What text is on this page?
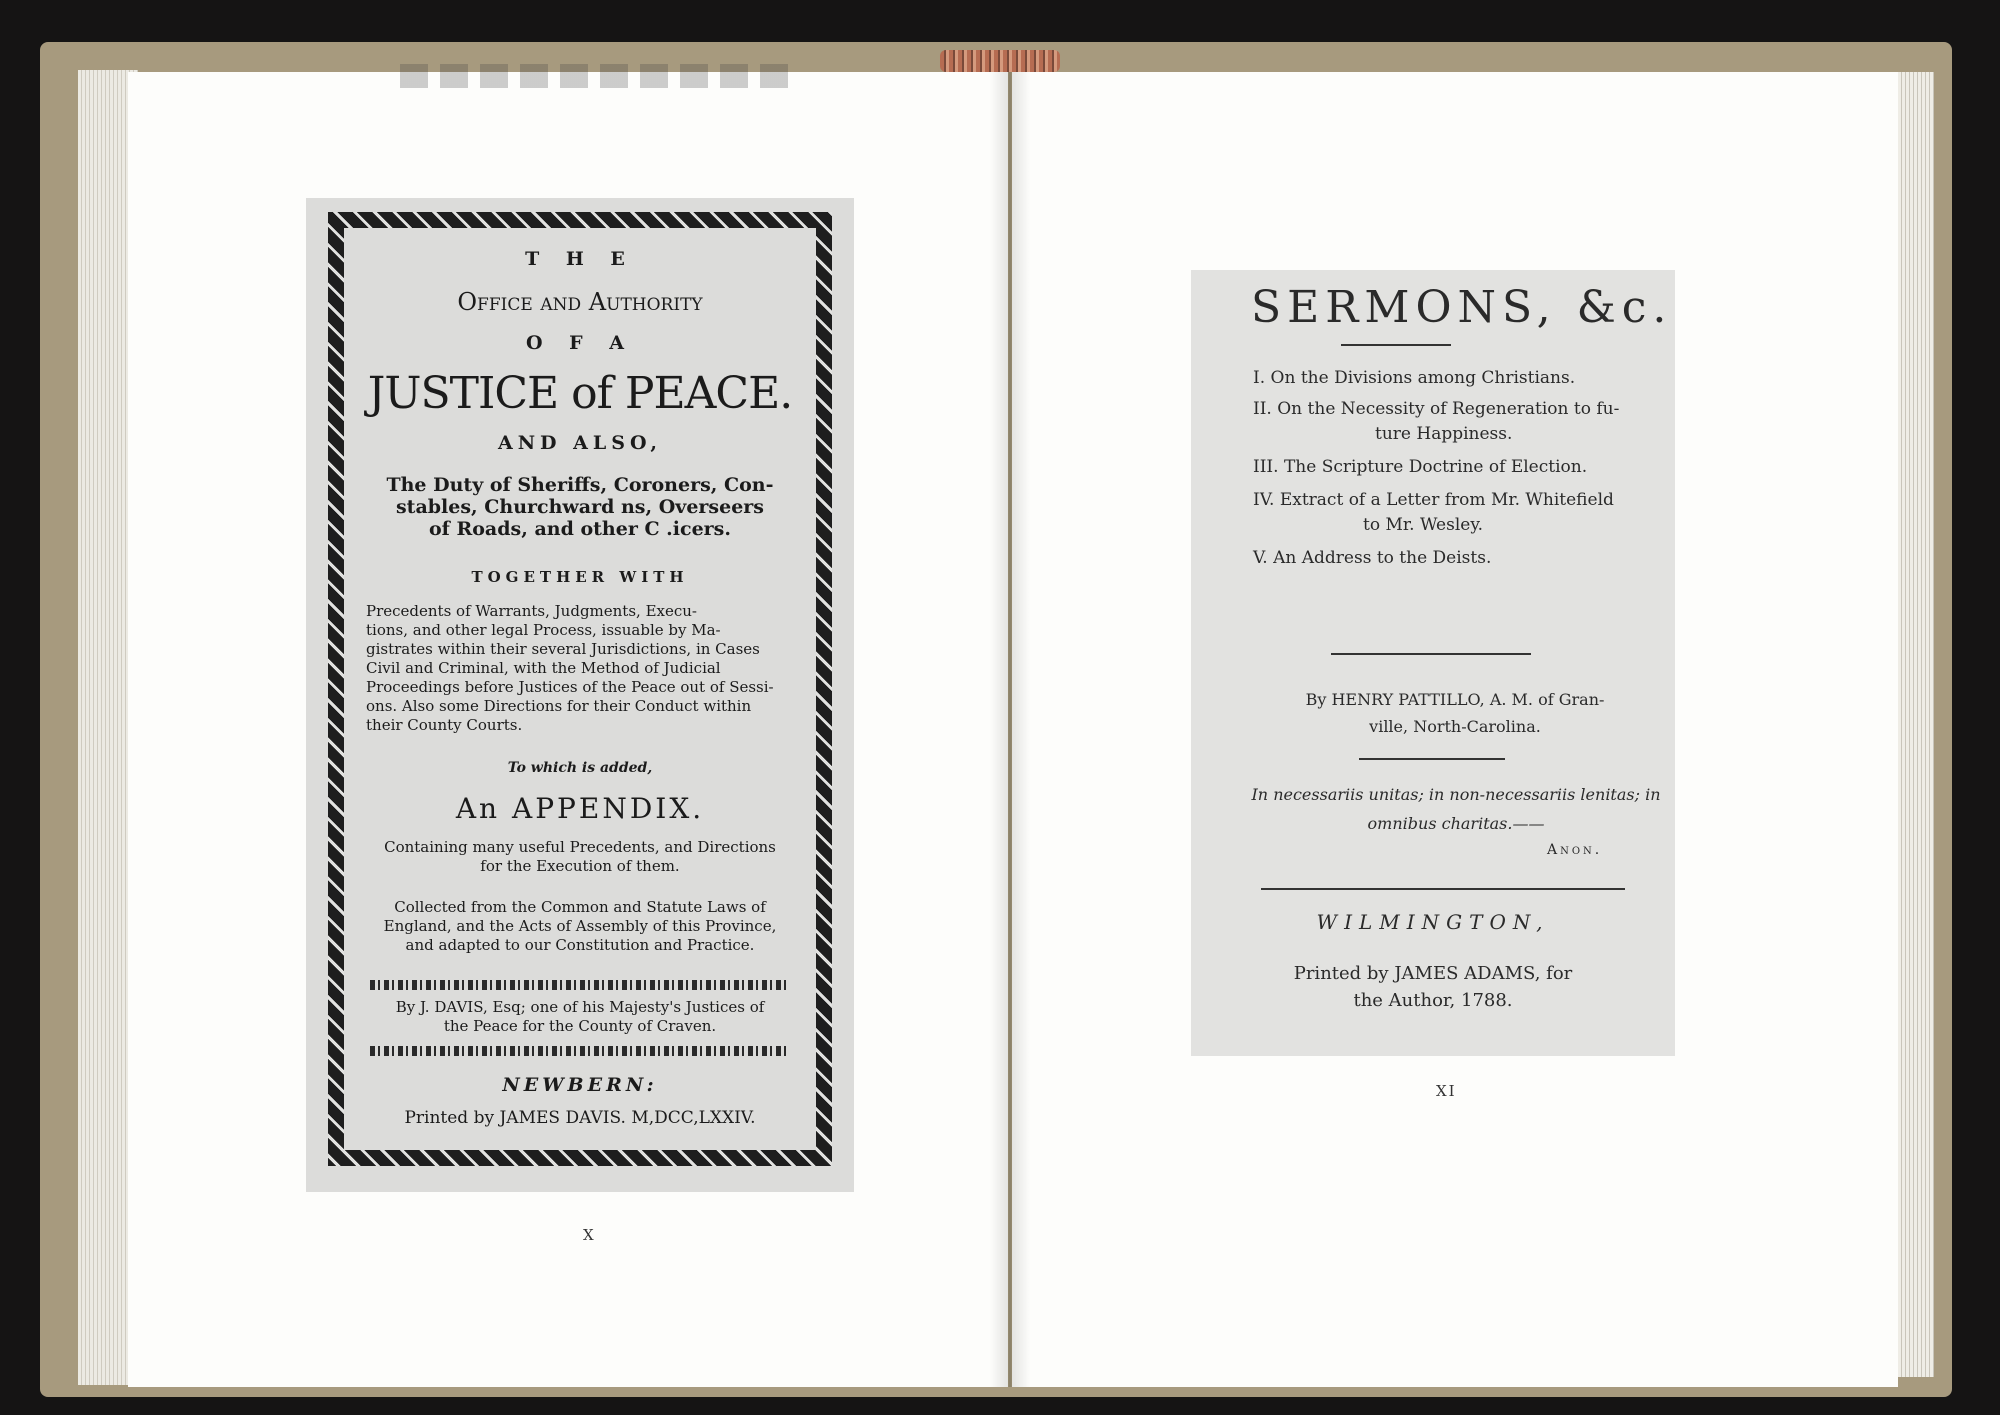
T H E
Office and Authority
O F A
JUSTICE of PEACE.
AND ALSO,
The Duty of Sheriffs, Coroners, Con-
stables, Churchward ns, Overseers
of Roads, and other C .icers.
TOGETHER WITH
Precedents of Warrants, Judgments, Execu-
tions, and other legal Process, issuable by Ma-
gistrates within their several Jurisdictions, in Cases
Civil and Criminal, with the Method of Judicial
Proceedings before Justices of the Peace out of Sessi-
ons. Also some Directions for their Conduct within
their County Courts.
To which is added,
An APPENDIX.
Containing many useful Precedents, and Directions
for the Execution of them.
Collected from the Common and Statute Laws of
England, and the Acts of Assembly of this Province,
and adapted to our Constitution and Practice.
By J. DAVIS, Esq; one of his Majesty's Justices of
the Peace for the County of Craven.
NEWBERN:
Printed by JAMES DAVIS. M,DCC,LXXIV.
X
SERMONS, &c.
I. On the Divisions among Christians.
II. On the Necessity of Regeneration to fu-
ture Happiness.
III. The Scripture Doctrine of Election.
IV. Extract of a Letter from Mr. Whitefield
to Mr. Wesley.
V. An Address to the Deists.
By HENRY PATTILLO, A. M. of Gran-
ville, North-Carolina.
In necessariis unitas; in non-necessariis lenitas; in
omnibus charitas.——
Anon.
WILMINGTON,
Printed by JAMES ADAMS, for
the Author, 1788.
XI
